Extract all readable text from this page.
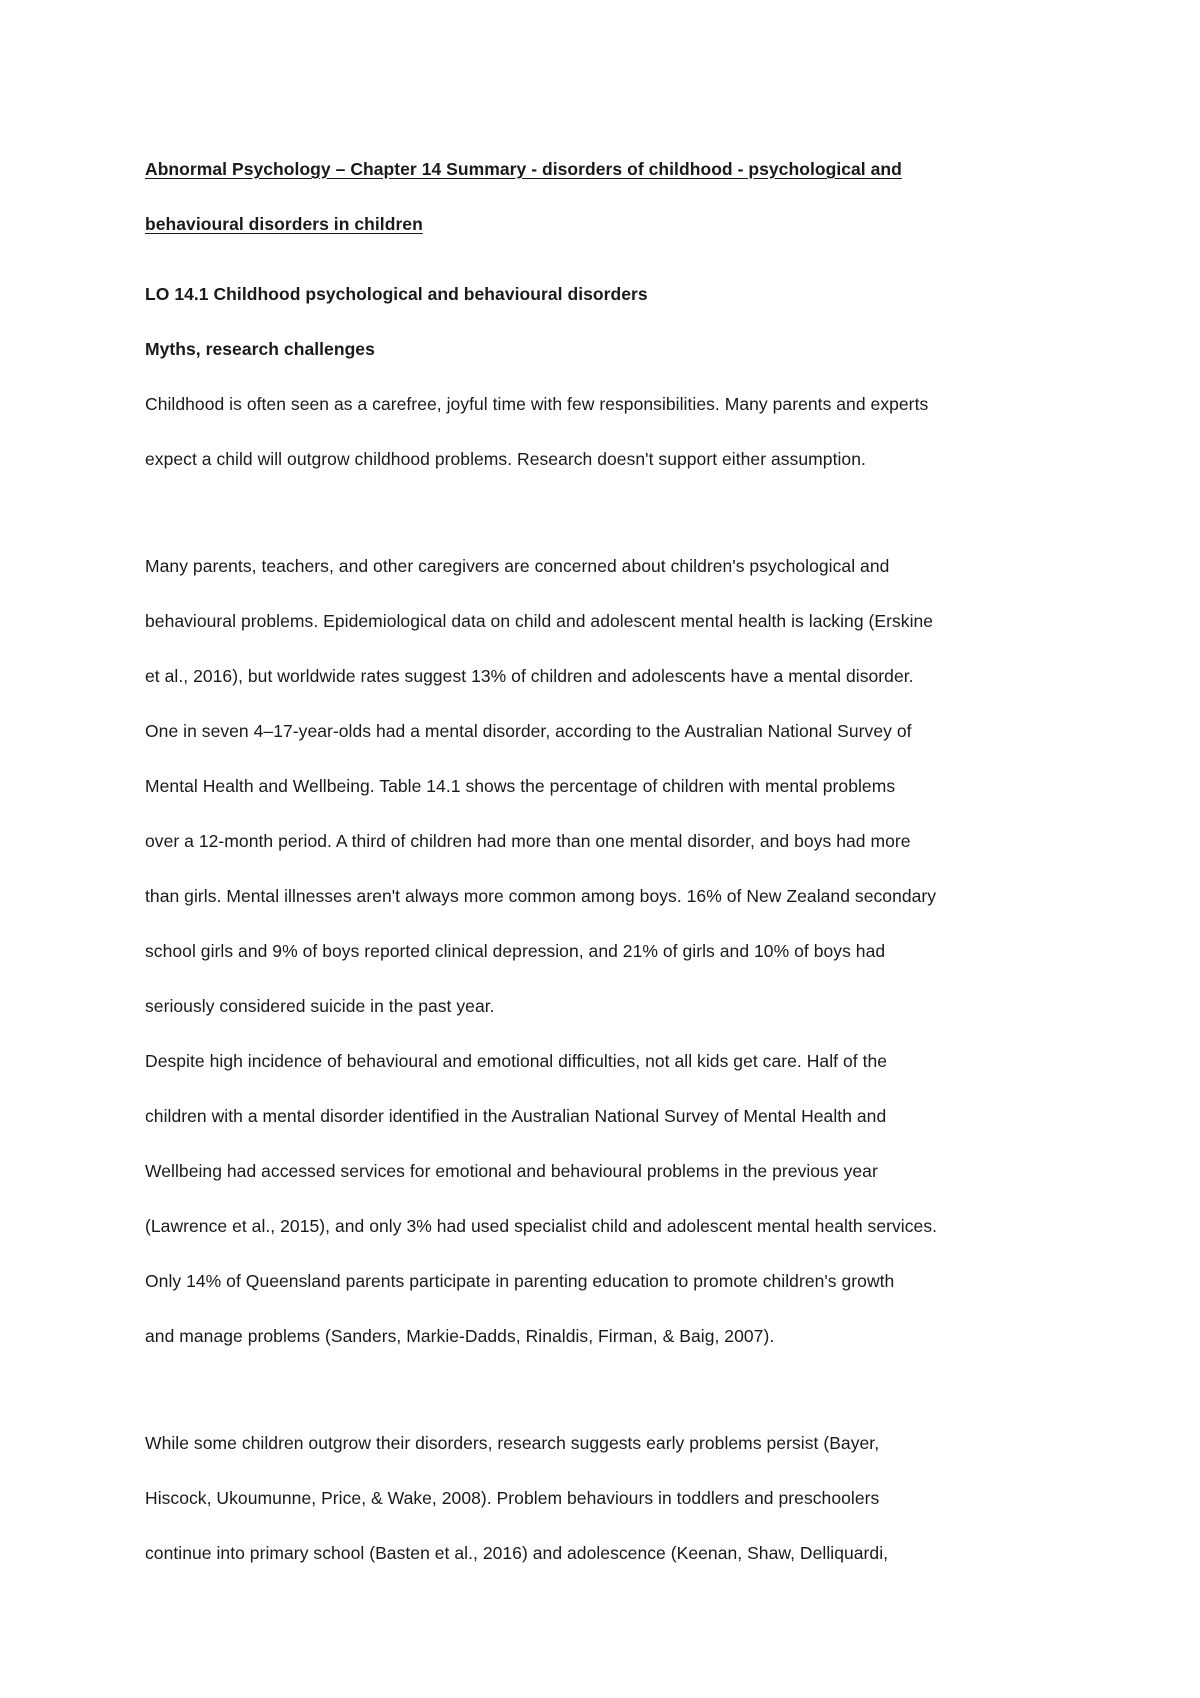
Abnormal Psychology – Chapter 14 Summary - disorders of childhood - psychological and
behavioural disorders in children
LO 14.1 Childhood psychological and behavioural disorders
Myths, research challenges
Childhood is often seen as a carefree, joyful time with few responsibilities. Many parents and experts
expect a child will outgrow childhood problems. Research doesn't support either assumption.
Many parents, teachers, and other caregivers are concerned about children's psychological and
behavioural problems. Epidemiological data on child and adolescent mental health is lacking (Erskine
et al., 2016), but worldwide rates suggest 13% of children and adolescents have a mental disorder.
One in seven 4–17-year-olds had a mental disorder, according to the Australian National Survey of
Mental Health and Wellbeing. Table 14.1 shows the percentage of children with mental problems
over a 12-month period. A third of children had more than one mental disorder, and boys had more
than girls. Mental illnesses aren't always more common among boys. 16% of New Zealand secondary
school girls and 9% of boys reported clinical depression, and 21% of girls and 10% of boys had
seriously considered suicide in the past year.
Despite high incidence of behavioural and emotional difficulties, not all kids get care. Half of the
children with a mental disorder identified in the Australian National Survey of Mental Health and
Wellbeing had accessed services for emotional and behavioural problems in the previous year
(Lawrence et al., 2015), and only 3% had used specialist child and adolescent mental health services.
Only 14% of Queensland parents participate in parenting education to promote children's growth
and manage problems (Sanders, Markie-Dadds, Rinaldis, Firman, & Baig, 2007).
While some children outgrow their disorders, research suggests early problems persist (Bayer,
Hiscock, Ukoumunne, Price, & Wake, 2008). Problem behaviours in toddlers and preschoolers
continue into primary school (Basten et al., 2016) and adolescence (Keenan, Shaw, Delliquardi,
